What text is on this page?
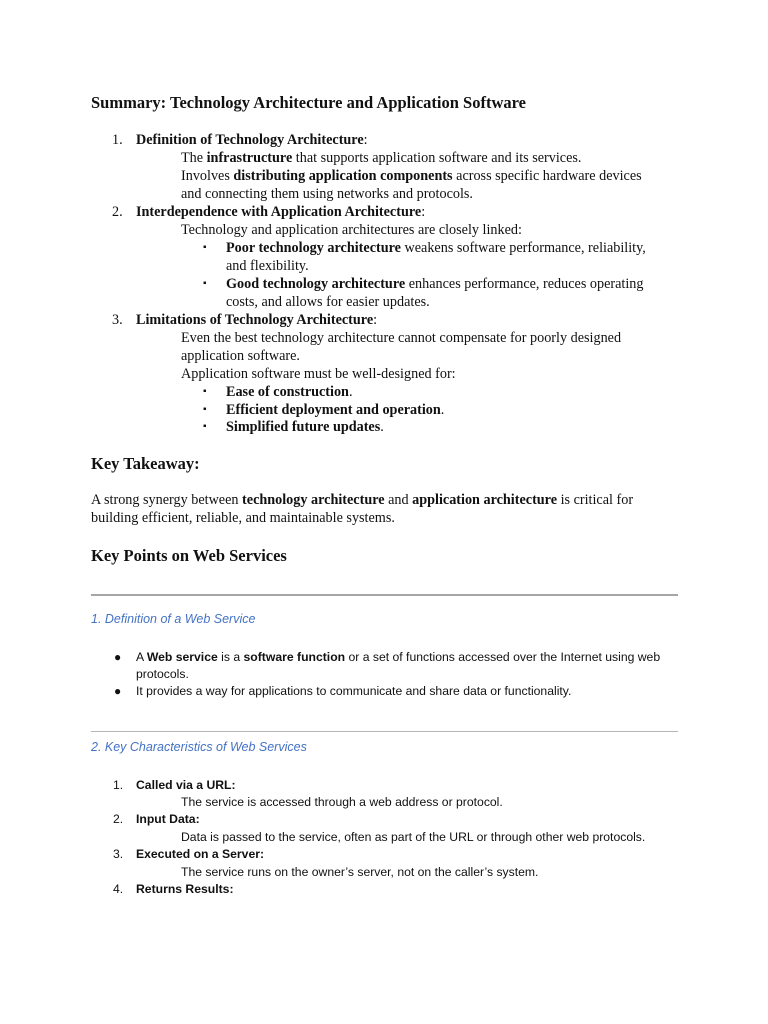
Summary: Technology Architecture and Application Software
1. Definition of Technology Architecture:
The infrastructure that supports application software and its services.
Involves distributing application components across specific hardware devices
and connecting them using networks and protocols.
2. Interdependence with Application Architecture:
Technology and application architectures are closely linked:
▪ Poor technology architecture weakens software performance, reliability,
and flexibility.
▪ Good technology architecture enhances performance, reduces operating
costs, and allows for easier updates.
3. Limitations of Technology Architecture:
Even the best technology architecture cannot compensate for poorly designed
application software.
Application software must be well-designed for:
▪ Ease of construction.
▪ Efficient deployment and operation.
▪ Simplified future updates.
Key Takeaway:
A strong synergy between technology architecture and application architecture is critical for
building efficient, reliable, and maintainable systems.
Key Points on Web Services
1. Definition of a Web Service
● A Web service is a software function or a set of functions accessed over the Internet using web
protocols.
● It provides a way for applications to communicate and share data or functionality.
2. Key Characteristics of Web Services
1. Called via a URL:
The service is accessed through a web address or protocol.
2. Input Data:
Data is passed to the service, often as part of the URL or through other web protocols.
3. Executed on a Server:
The service runs on the owner’s server, not on the caller’s system.
4. Returns Results:
